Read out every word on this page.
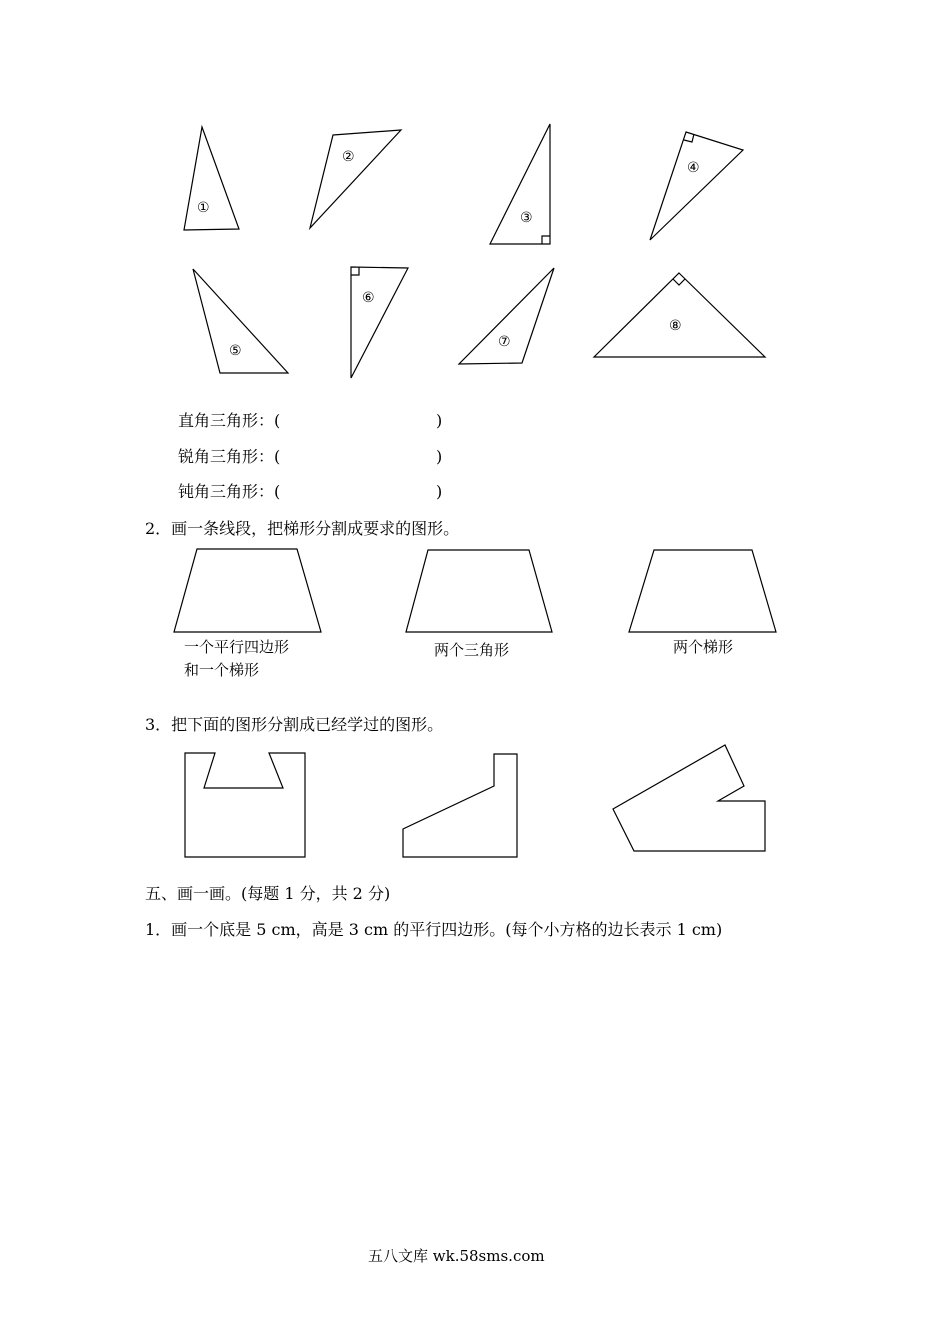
①
②
③
④
⑤
⑥
⑦
⑧
直角三角形：(	)
锐角三角形：(	)
钝角三角形：(	)
2．画一条线段，把梯形分割成要求的图形。
一个平行四边形
和一个梯形
两个三角形	两个梯形
3．把下面的图形分割成已经学过的图形。
五、画一画。(每题 1 分，共 2 分)
1．画一个底是 5 cm，高是 3 cm 的平行四边形。(每个小方格的边长表示 1 cm)
五八文库 wk.58sms.com
